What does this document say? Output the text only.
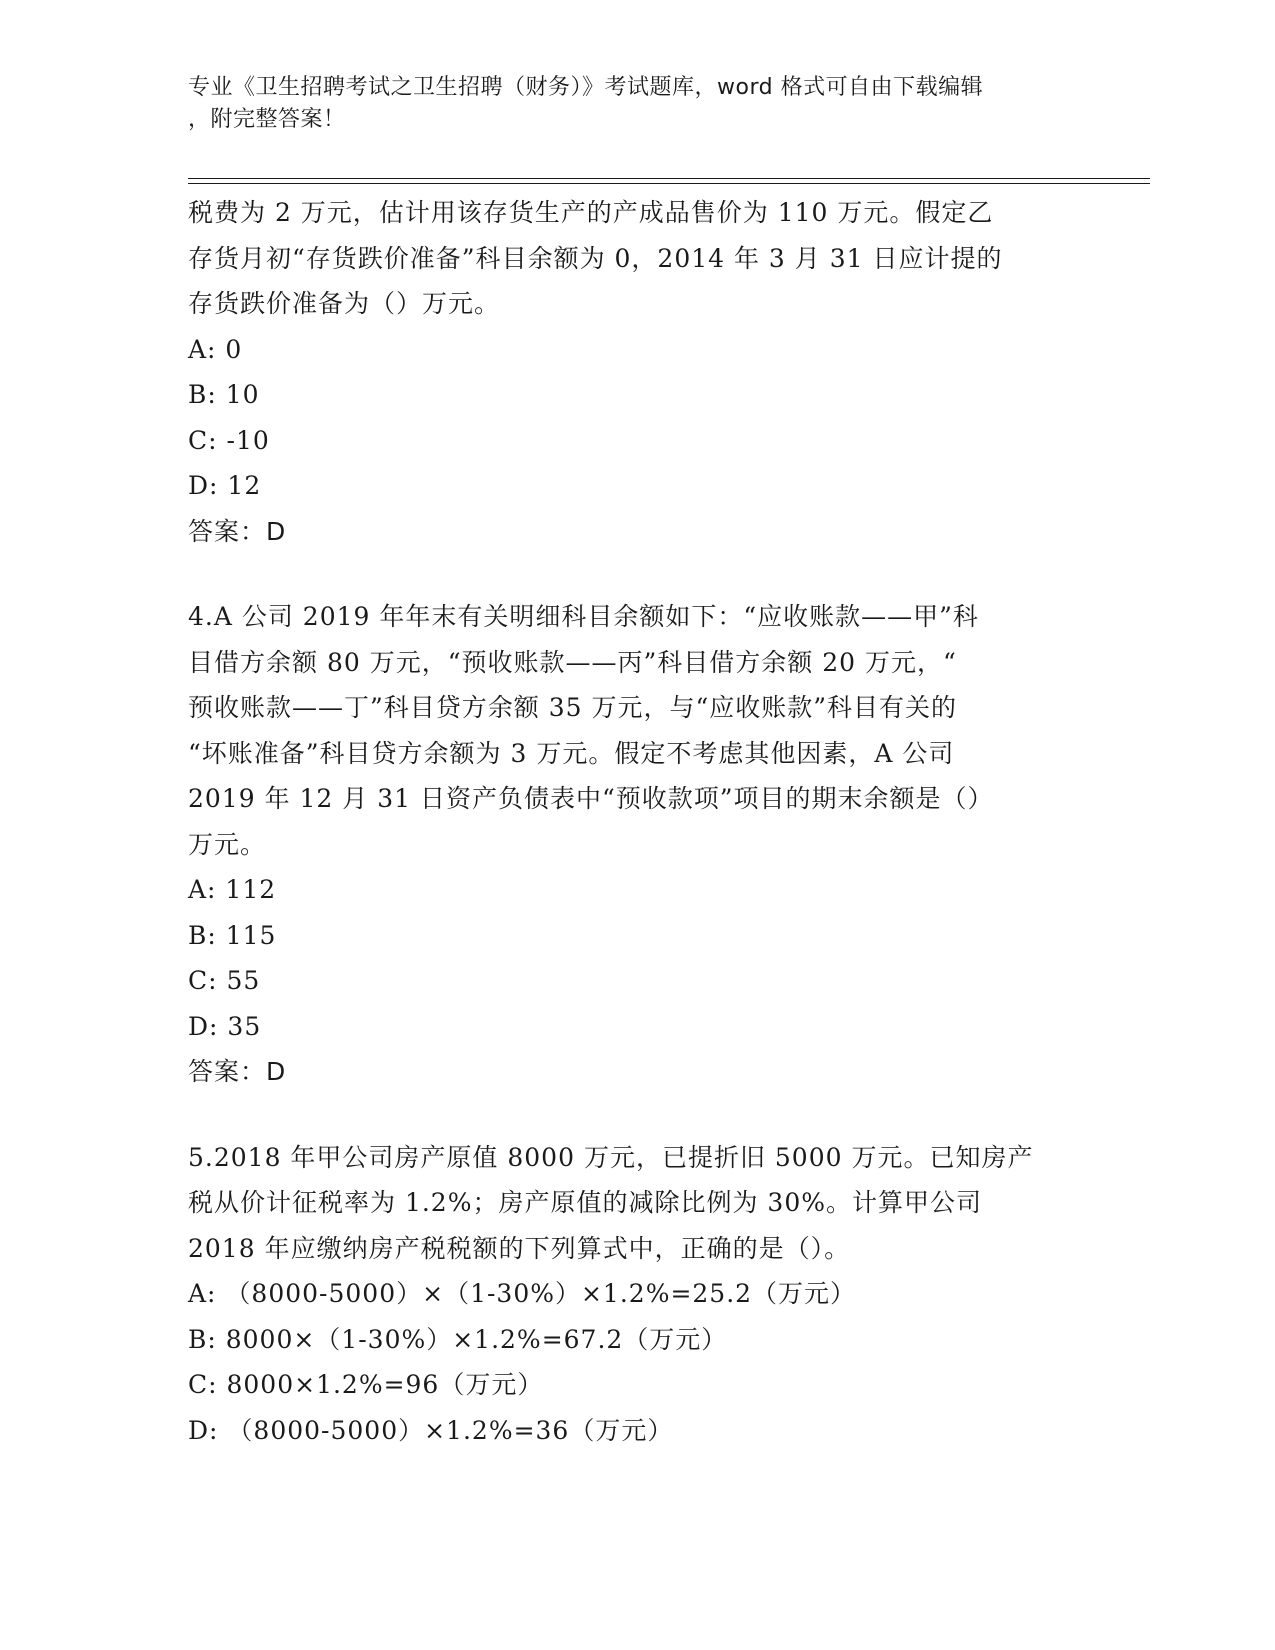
专业《卫生招聘考试之卫生招聘（财务）》考试题库，word 格式可自由下载编辑
，附完整答案！
税费为 2 万元，估计用该存货生产的产成品售价为 110 万元。假定乙
存货月初“存货跌价准备”科目余额为 0，2014 年 3 月 31 日应计提的
存货跌价准备为（）万元。
A: 0
B: 10
C: -10
D: 12
答案：D
4.A 公司 2019 年年末有关明细科目余额如下：“应收账款——甲”科
目借方余额 80 万元，“预收账款——丙”科目借方余额 20 万元，“
预收账款——丁”科目贷方余额 35 万元，与“应收账款”科目有关的
“坏账准备”科目贷方余额为 3 万元。假定不考虑其他因素，A 公司
2019 年 12 月 31 日资产负债表中“预收款项”项目的期末余额是（）
万元。
A: 112
B: 115
C: 55
D: 35
答案：D
5.2018 年甲公司房产原值 8000 万元，已提折旧 5000 万元。已知房产
税从价计征税率为 1.2%；房产原值的减除比例为 30%。计算甲公司
2018 年应缴纳房产税税额的下列算式中，正确的是（）。
A: （8000-5000）×（1-30%）×1.2%=25.2（万元）
B: 8000×（1-30%）×1.2%=67.2（万元）
C: 8000×1.2%=96（万元）
D: （8000-5000）×1.2%=36（万元）
